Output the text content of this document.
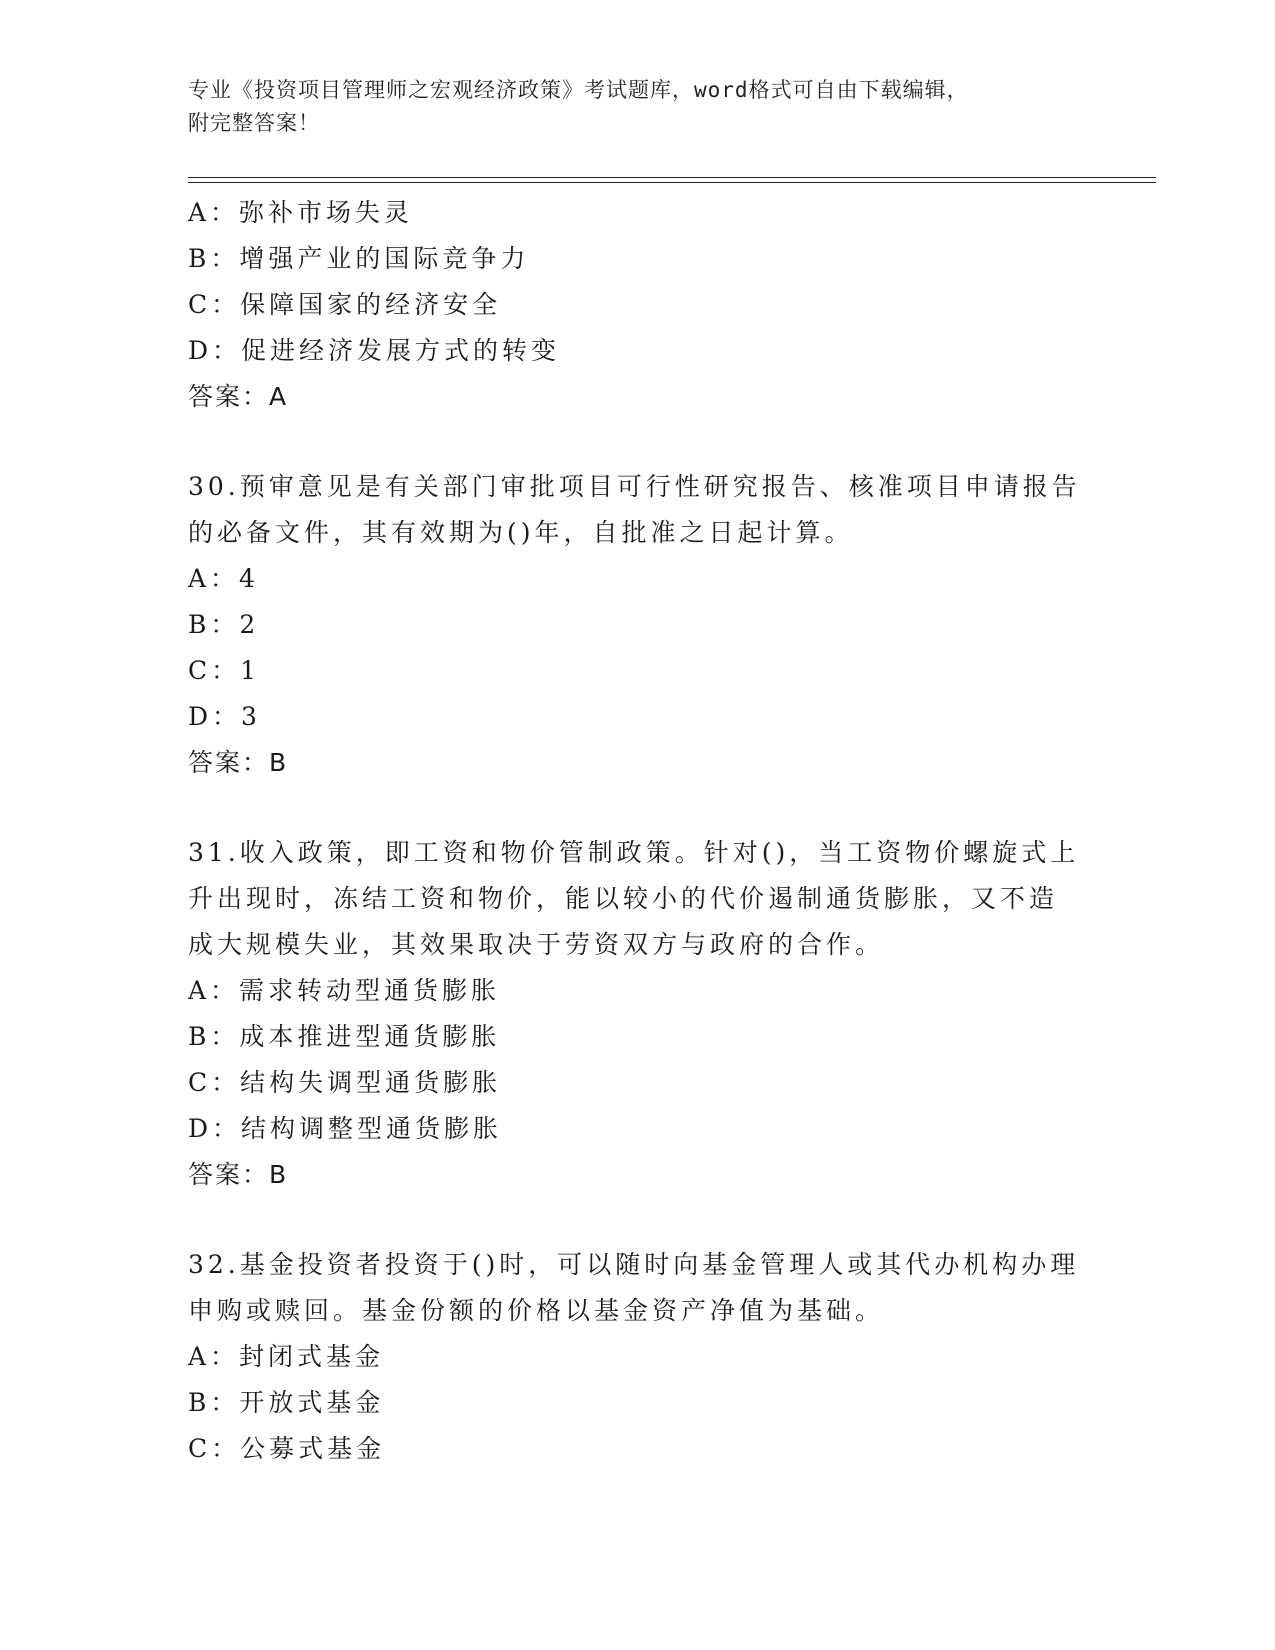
专业《投资项目管理师之宏观经济政策》考试题库，word格式可自由下载编辑，
附完整答案！
A：弥补市场失灵
B：增强产业的国际竞争力
C：保障国家的经济安全
D：促进经济发展方式的转变
答案：A
30.预审意见是有关部门审批项目可行性研究报告、核准项目申请报告
的必备文件，其有效期为()年，自批准之日起计算。
A：4
B：2
C：1
D：3
答案：B
31.收入政策，即工资和物价管制政策。针对()，当工资物价螺旋式上
升出现时，冻结工资和物价，能以较小的代价遏制通货膨胀，又不造
成大规模失业，其效果取决于劳资双方与政府的合作。
A：需求转动型通货膨胀
B：成本推进型通货膨胀
C：结构失调型通货膨胀
D：结构调整型通货膨胀
答案：B
32.基金投资者投资于()时，可以随时向基金管理人或其代办机构办理
申购或赎回。基金份额的价格以基金资产净值为基础。
A：封闭式基金
B：开放式基金
C：公募式基金
